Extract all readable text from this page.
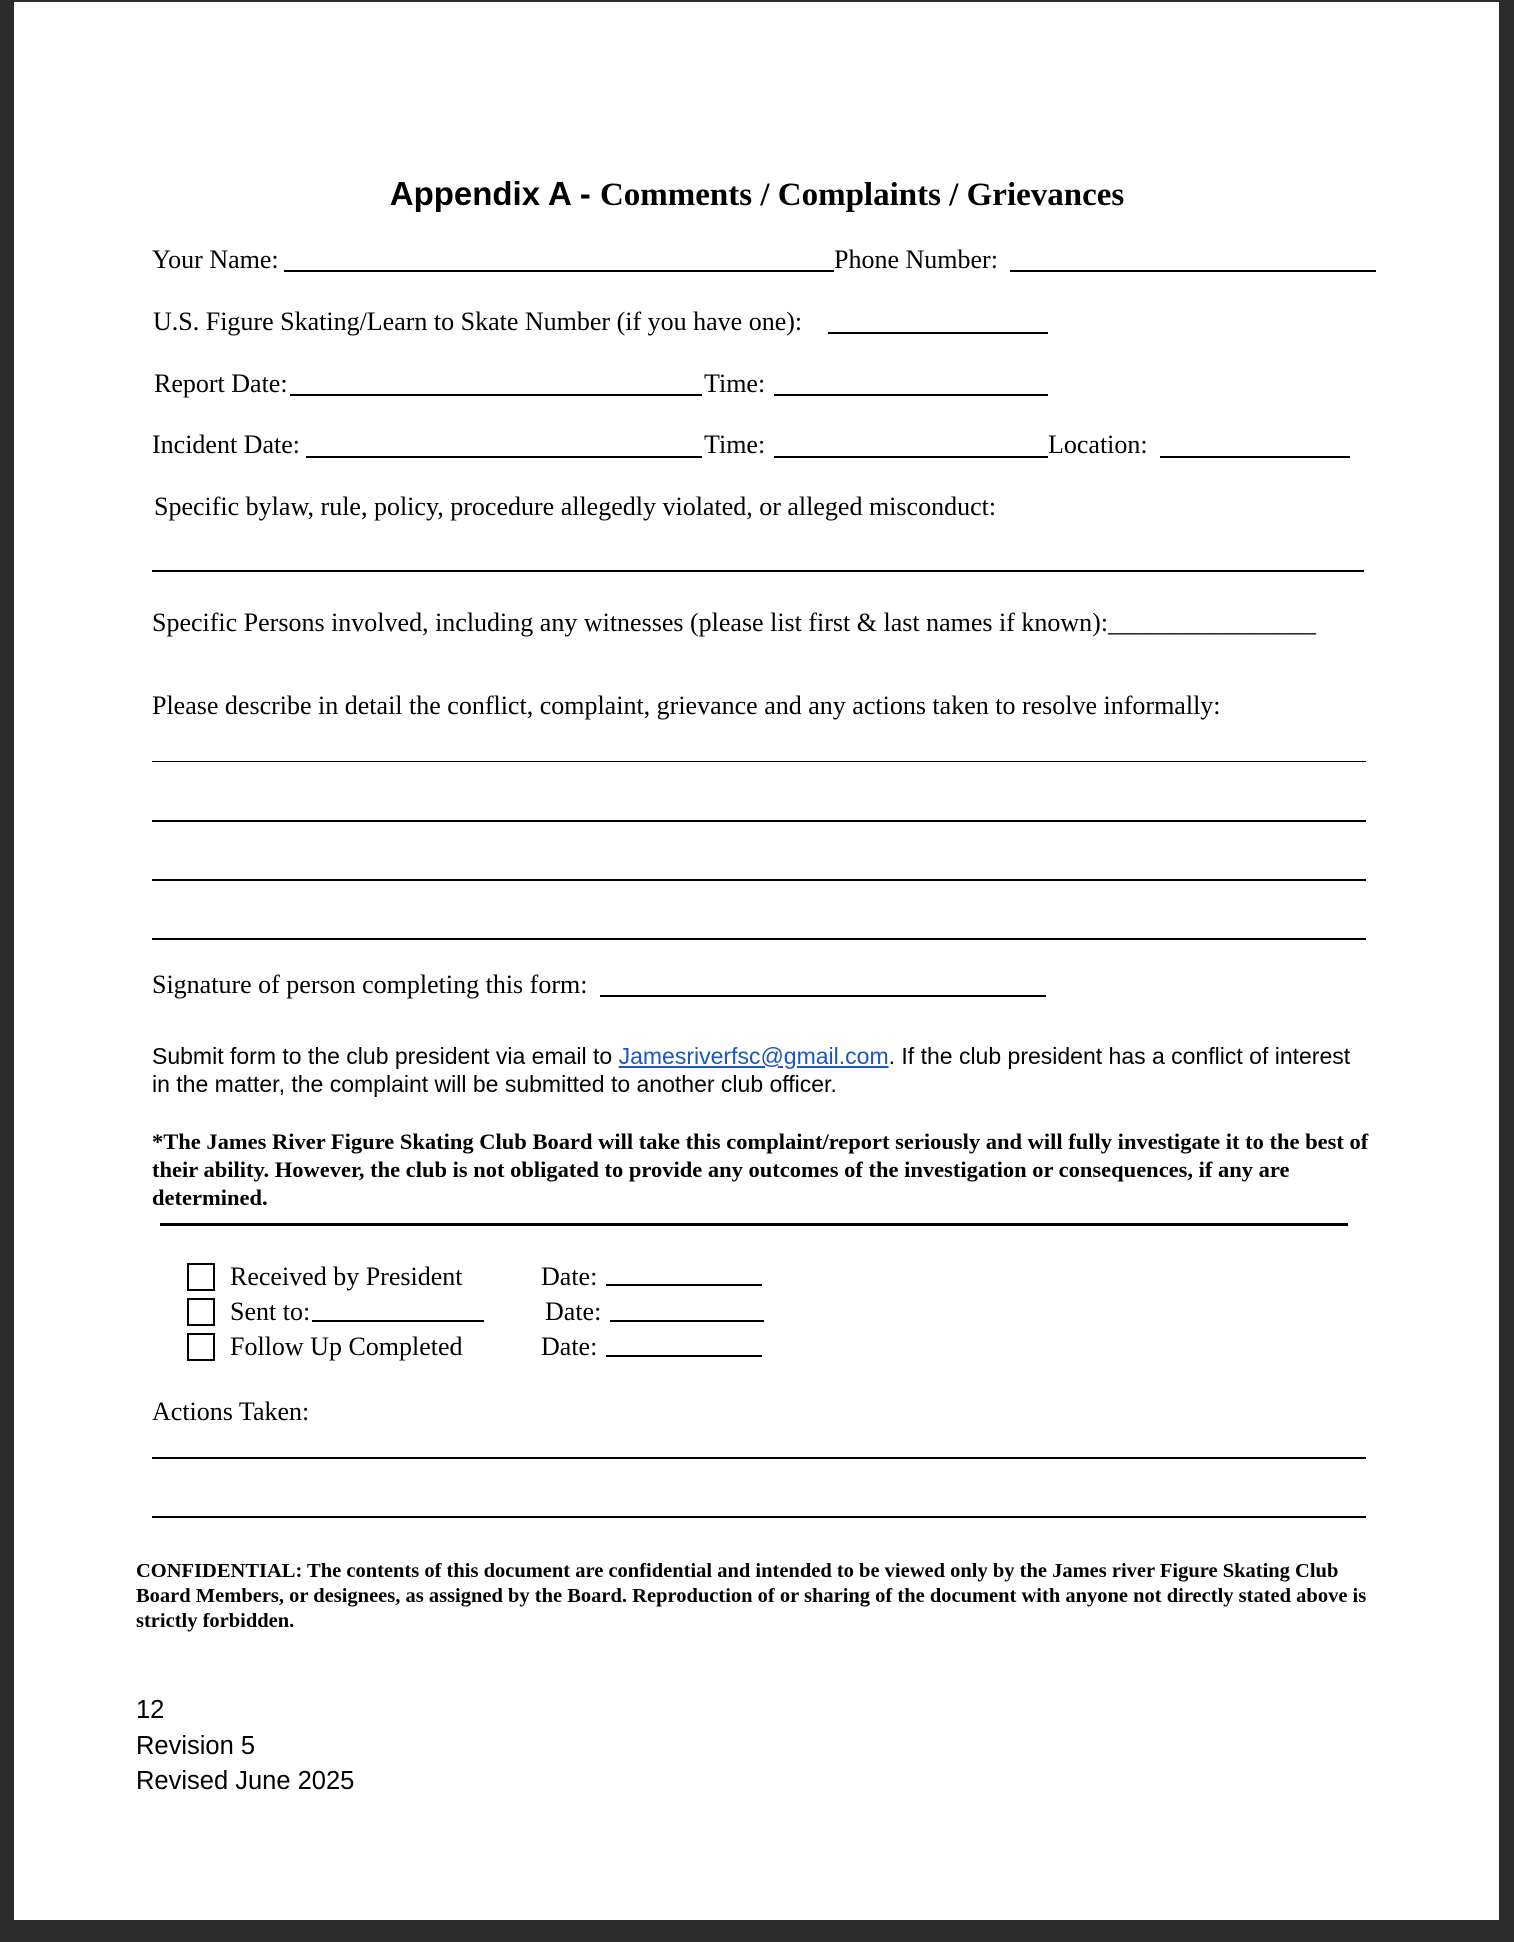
Appendix A - Comments / Complaints / Grievances
Your Name:	Phone Number:
U.S. Figure Skating/Learn to Skate Number (if you have one):
Report Date:	Time:
Incident Date:	Time:	Location:
Specific bylaw, rule, policy, procedure allegedly violated, or alleged misconduct:
Specific Persons involved, including any witnesses (please list first & last names if known):________________
Please describe in detail the conflict, complaint, grievance and any actions taken to resolve informally:
Signature of person completing this form:
Submit form to the club president via email to Jamesriverfsc@gmail.com. If the club president has a conflict of interest in the matter, the complaint will be submitted to another club officer.
*The James River Figure Skating Club Board will take this complaint/report seriously and will fully investigate it to the best of their ability. However, the club is not obligated to provide any outcomes of the investigation or consequences, if any are determined.
Received by President	Date:
Sent to:	Date:
Follow Up Completed	Date:
Actions Taken:
CONFIDENTIAL: The contents of this document are confidential and intended to be viewed only by the James river Figure Skating Club Board Members, or designees, as assigned by the Board. Reproduction of or sharing of the document with anyone not directly stated above is strictly forbidden.
12
Revision 5
Revised June 2025
